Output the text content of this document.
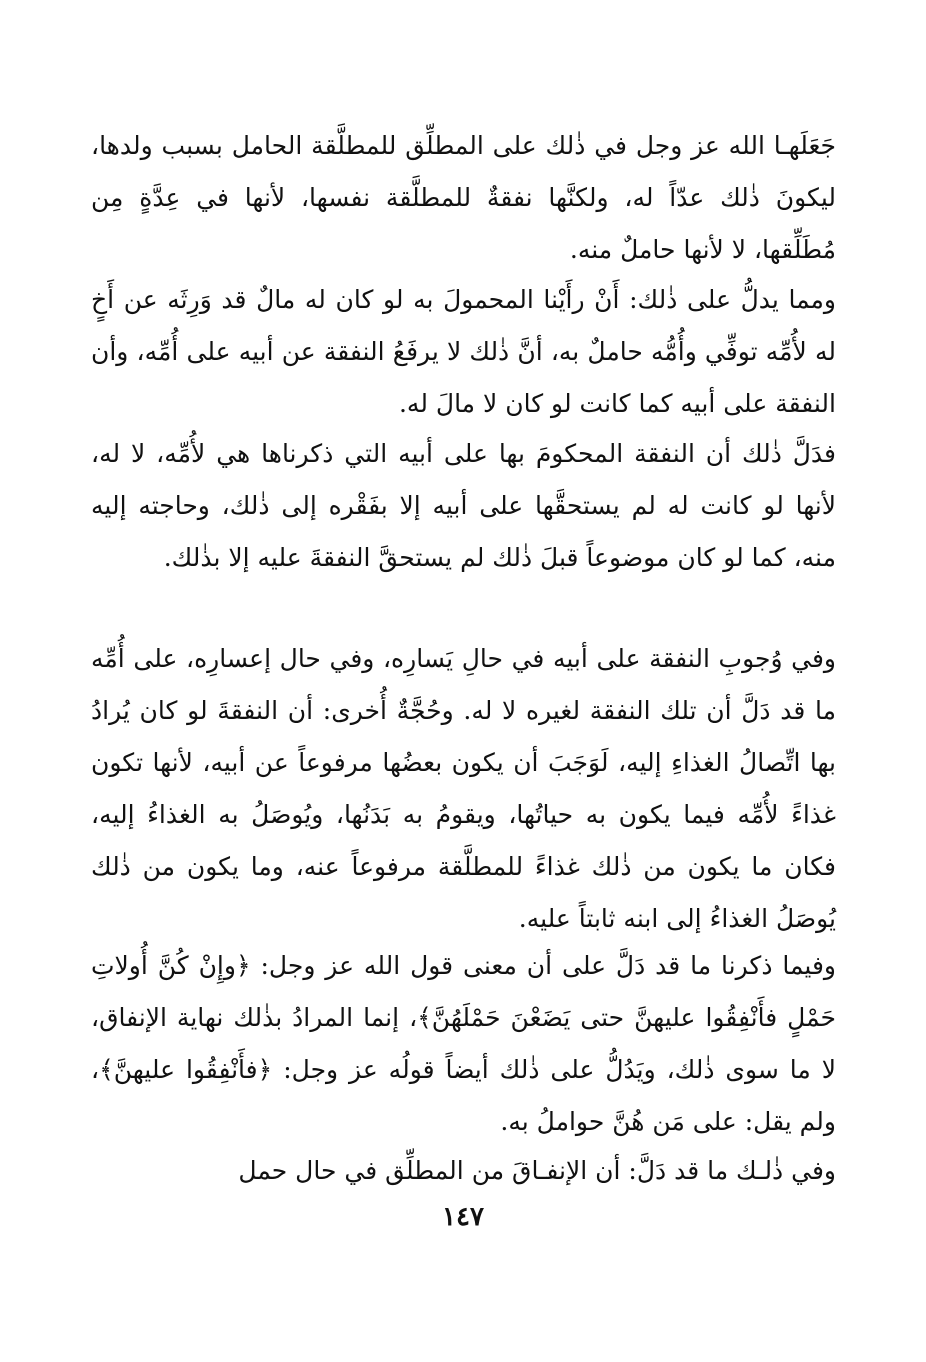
جَعَلَهـا الله عز وجل في ذٰلك على المطلِّق للمطلَّقة الحامل بسبب ولدها، ليكونَ ذٰلك عدّاً له، ولكنَّها نفقةٌ للمطلَّقة نفسها، لأنها في عِدَّةٍ مِن مُطَلِّقها، لا لأنها حاملٌ منه.

ومما يدلُّ على ذٰلك: أَنْ رأَيْنا المحمولَ به لو كان له مالٌ قد وَرِثَه عن أَخٍ له لأُمِّه توفِّي وأُمُّه حاملٌ به، أنَّ ذٰلك لا يرفَعُ النفقة عن أبيه على أُمِّه، وأن النفقة على أبيه كما كانت لو كان لا مالَ له.

فدَلَّ ذٰلك أن النفقة المحكومَ بها على أبيه التي ذكرناها هي لأُمِّه، لا له، لأنها لو كانت له لم يستحقَّها على أبيه إلا بفَقْره إلى ذٰلك، وحاجته إليه منه، كما لو كان موضوعاً قبلَ ذٰلك لم يستحقَّ النفقةَ عليه إلا بذٰلك.

وفي وُجوبِ النفقة على أبيه في حالِ يَسارِه، وفي حال إعسارِه، على أُمِّه ما قد دَلَّ أن تلك النفقة لغيره لا له. وحُجَّةٌ أُخرى: أن النفقةَ لو كان يُرادُ بها اتِّصالُ الغذاءِ إليه، لَوَجَبَ أن يكون بعضُها مرفوعاً عن أبيه، لأنها تكون غذاءً لأُمِّه فيما يكون به حياتُها، ويقومُ به بَدَنُها، ويُوصَلُ به الغذاءُ إليه، فكان ما يكون من ذٰلك غذاءً للمطلَّقة مرفوعاً عنه، وما يكون من ذٰلك يُوصَلُ الغذاءُ إلى ابنه ثابتاً عليه.

وفيما ذكرنا ما قد دَلَّ على أن معنى قول الله عز وجل: ﴿وإِنْ كُنَّ أُولاتِ حَمْلٍ فأَنْفِقُوا عليهنَّ حتى يَضَعْنَ حَمْلَهُنَّ﴾، إنما المرادُ بذٰلك نهاية الإنفاق، لا ما سوى ذٰلك، ويَدُلُّ على ذٰلك أيضاً قولُه عز وجل: ﴿فأَنْفِقُوا عليهنَّ﴾، ولم يقل: على مَن هُنَّ حواملُ به.

وفي ذٰلـك ما قد دَلَّ: أن الإنفـاقَ من المطلِّق في حال حمل

١٤٧
